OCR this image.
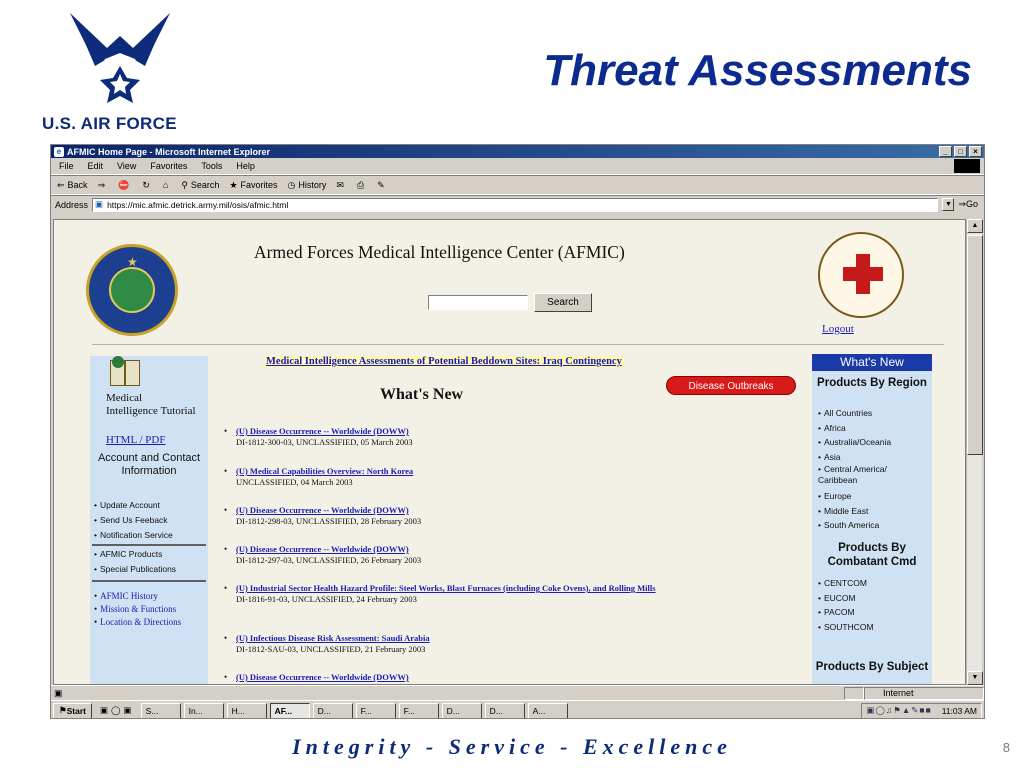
U.S. AIR FORCE
Threat Assessments
e AFMIC Home Page - Microsoft Internet Explorer	_	□	×
File Edit View Favorites Tools Help
⇐ Back ⇒ ⛔ ↻ ⌂ ⚲ Search ★ Favorites ◷ History ✉ ⎙ ✎
Address ▣ https://mic.afmic.detrick.army.mil/osis/afmic.html	▼ ⇒Go
★	Armed Forces Medical Intelligence Center (AFMIC)
Search
Logout
Medical Intelligence Tutorial
HTML / PDF
Account and Contact Information
• Update Account
• Send Us Feeback
• Notification Service
• AFMIC Products
• Special Publications
• AFMIC History
• Mission & Functions
• Location & Directions
Medical Intelligence Assessments of Potential Beddown Sites: Iraq Contingency
Disease Outbreaks
What's New
• (U) Disease Occurrence -- Worldwide (DOWW)
DI-1812-300-03, UNCLASSIFIED, 05 March 2003
• (U) Medical Capabilities Overview: North Korea
UNCLASSIFIED, 04 March 2003
• (U) Disease Occurrence -- Worldwide (DOWW)
DI-1812-298-03, UNCLASSIFIED, 28 February 2003
• (U) Disease Occurrence -- Worldwide (DOWW)
DI-1812-297-03, UNCLASSIFIED, 26 February 2003
• (U) Industrial Sector Health Hazard Profile: Steel Works, Blast Furnaces (including Coke Ovens), and Rolling Mills
DI-1816-91-03, UNCLASSIFIED, 24 February 2003
• (U) Infectious Disease Risk Assessment: Saudi Arabia
DI-1812-SAU-03, UNCLASSIFIED, 21 February 2003
• (U) Disease Occurrence -- Worldwide (DOWW)
What's New
Products By Region
• All Countries
• Africa
• Australia/Oceania
• Asia
• Central America/ Caribbean
• Europe
• Middle East
• South America
Products By Combatant Cmd
• CENTCOM
• EUCOM
• PACOM
• SOUTHCOM
Products By Subject
▲
▼
▣	Internet
⚑ Start ▣◯▣	S...	In...	H...	AF...	D...	F...	F...	D...	D...	A...	▣◯♫⚑▲✎■■ 11:03 AM
Integrity - Service - Excellence	8
